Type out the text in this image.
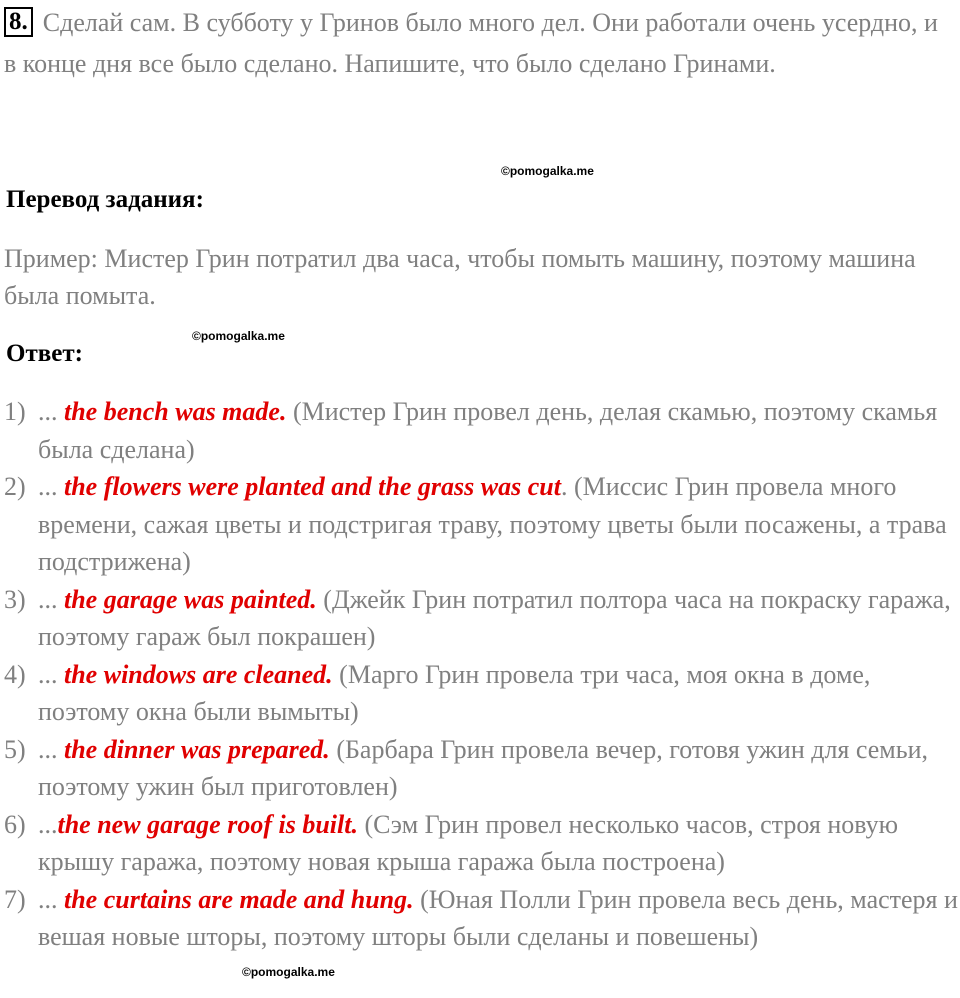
8. Сделай сам. В субботу у Гринов было много дел. Они работали очень усердно, и в конце дня все было сделано. Напишите, что было сделано Гринами.
©pomogalka.me
Перевод задания:
Пример: Мистер Грин потратил два часа, чтобы помыть машину, поэтому машина была помыта.
©pomogalka.me
Ответ:
1) ... the bench was made. (Мистер Грин провел день, делая скамью, поэтому скамья была сделана)
2) ... the flowers were planted and the grass was cut. (Миссис Грин провела много времени, сажая цветы и подстригая траву, поэтому цветы были посажены, а трава подстрижена)
3) ... the garage was painted. (Джейк Грин потратил полтора часа на покраску гаража, поэтому гараж был покрашен)
4) ... the windows are cleaned. (Марго Грин провела три часа, моя окна в доме, поэтому окна были вымыты)
5) ... the dinner was prepared. (Барбара Грин провела вечер, готовя ужин для семьи, поэтому ужин был приготовлен)
6) ...the new garage roof is built. (Сэм Грин провел несколько часов, строя новую крышу гаража, поэтому новая крыша гаража была построена)
7) ... the curtains are made and hung. (Юная Полли Грин провела весь день, мастеря и вешая новые шторы, поэтому шторы были сделаны и повешены)
©pomogalka.me
